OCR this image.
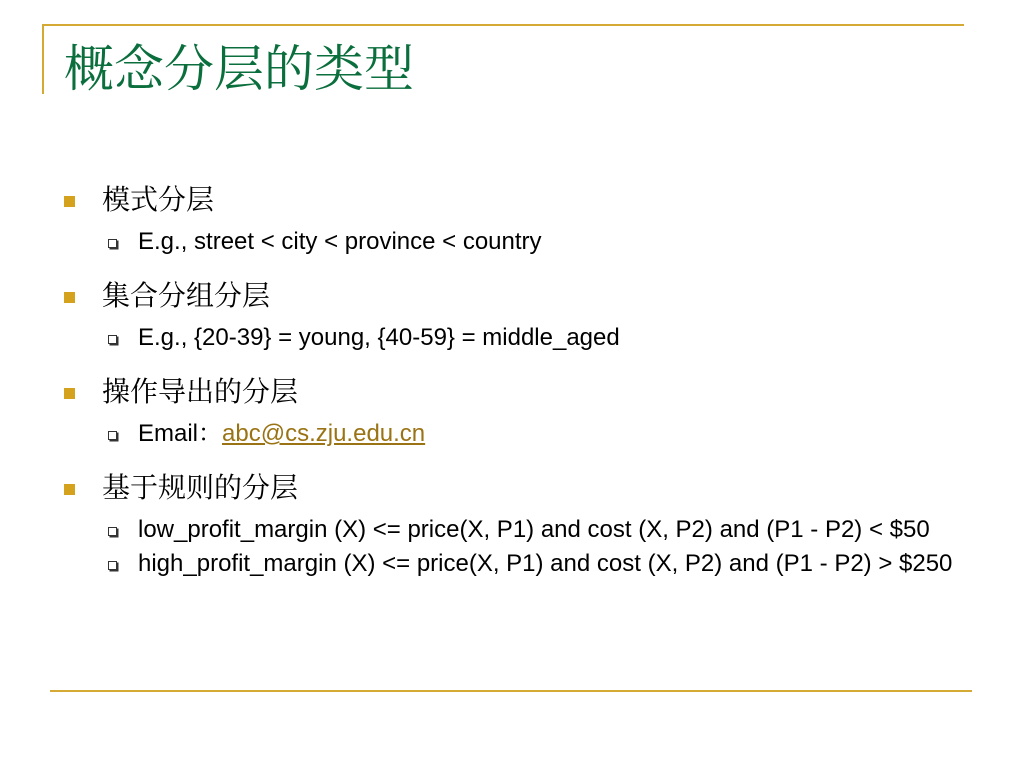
概念分层的类型
模式分层
E.g., street < city < province < country
集合分组分层
E.g., {20-39} = young, {40-59} = middle_aged
操作导出的分层
Email：abc@cs.zju.edu.cn
基于规则的分层
low_profit_margin (X) <= price(X, P1) and cost (X, P2) and (P1 - P2) < $50
high_profit_margin (X) <= price(X, P1) and cost (X, P2) and (P1 - P2) > $250
